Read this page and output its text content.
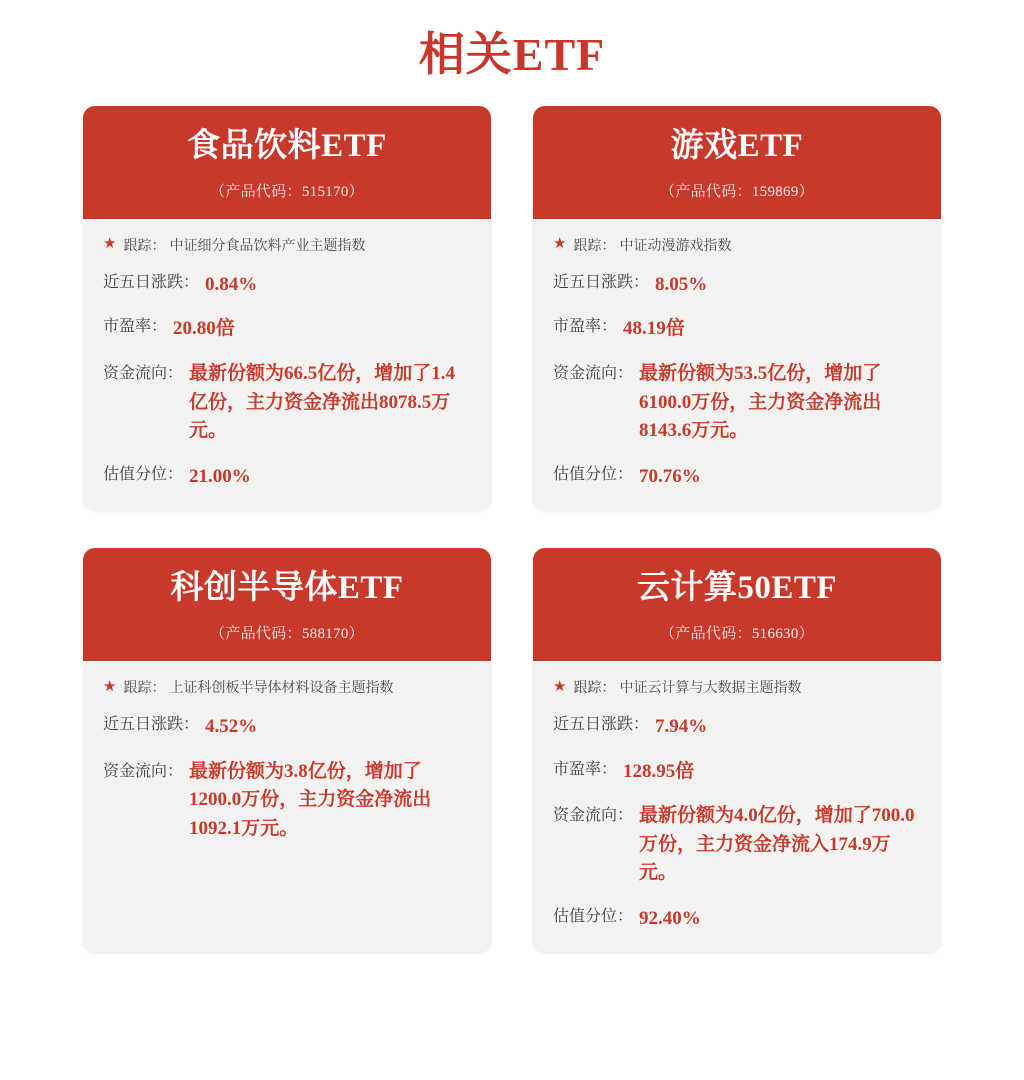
相关ETF
食品饮料ETF
（产品代码：515170）
★ 跟踪： 中证细分食品饮料产业主题指数
近五日涨跌： 0.84%
市盈率： 20.80倍
资金流向： 最新份额为66.5亿份，增加了1.4亿份，主力资金净流出8078.5万元。
估值分位： 21.00%
游戏ETF
（产品代码：159869）
★ 跟踪： 中证动漫游戏指数
近五日涨跌： 8.05%
市盈率： 48.19倍
资金流向： 最新份额为53.5亿份，增加了6100.0万份，主力资金净流出8143.6万元。
估值分位： 70.76%
科创半导体ETF
（产品代码：588170）
★ 跟踪： 上证科创板半导体材料设备主题指数
近五日涨跌： 4.52%
资金流向： 最新份额为3.8亿份，增加了1200.0万份，主力资金净流出1092.1万元。
云计算50ETF
（产品代码：516630）
★ 跟踪： 中证云计算与大数据主题指数
近五日涨跌： 7.94%
市盈率： 128.95倍
资金流向： 最新份额为4.0亿份，增加了700.0万份，主力资金净流入174.9万元。
估值分位： 92.40%
